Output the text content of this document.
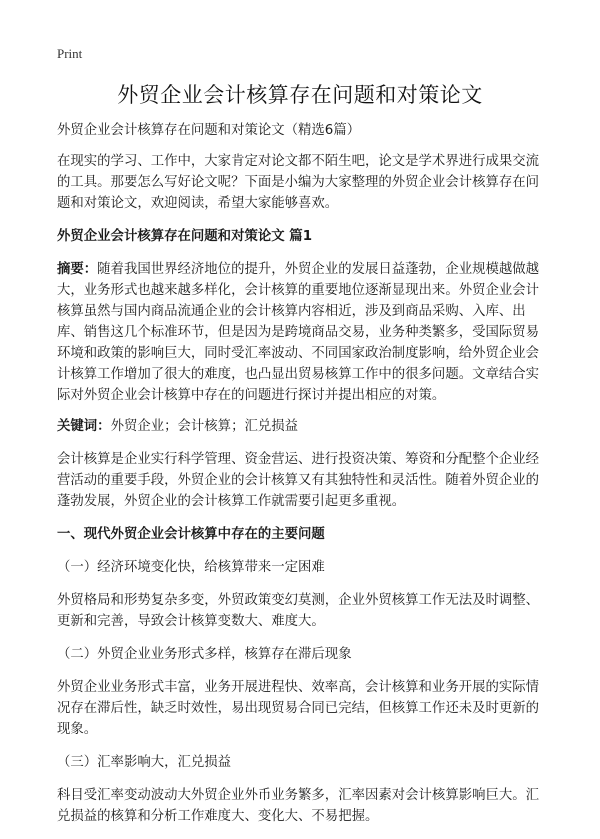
Print
外贸企业会计核算存在问题和对策论文

外贸企业会计核算存在问题和对策论文（精选6篇）

在现实的学习、工作中，大家肯定对论文都不陌生吧，论文是学术界进行成果交流的工具。那要怎么写好论文呢？下面是小编为大家整理的外贸企业会计核算存在问题和对策论文，欢迎阅读，希望大家能够喜欢。

外贸企业会计核算存在问题和对策论文 篇1

摘要：随着我国世界经济地位的提升，外贸企业的发展日益蓬勃，企业规模越做越大，业务形式也越来越多样化，会计核算的重要地位逐渐显现出来。外贸企业会计核算虽然与国内商品流通企业的会计核算内容相近，涉及到商品采购、入库、出库、销售这几个标准环节，但是因为是跨境商品交易，业务种类繁多，受国际贸易环境和政策的影响巨大，同时受汇率波动、不同国家政治制度影响，给外贸企业会计核算工作增加了很大的难度，也凸显出贸易核算工作中的很多问题。文章结合实际对外贸企业会计核算中存在的问题进行探讨并提出相应的对策。

关键词：外贸企业；会计核算；汇兑损益

会计核算是企业实行科学管理、资金营运、进行投资决策、筹资和分配整个企业经营活动的重要手段，外贸企业的会计核算又有其独特性和灵活性。随着外贸企业的蓬勃发展，外贸企业的会计核算工作就需要引起更多重视。

一、现代外贸企业会计核算中存在的主要问题

（一）经济环境变化快，给核算带来一定困难

外贸格局和形势复杂多变，外贸政策变幻莫测，企业外贸核算工作无法及时调整、更新和完善，导致会计核算变数大、难度大。

（二）外贸企业业务形式多样，核算存在滞后现象

外贸企业业务形式丰富，业务开展进程快、效率高，会计核算和业务开展的实际情况存在滞后性，缺乏时效性，易出现贸易合同已完结，但核算工作还未及时更新的现象。

（三）汇率影响大，汇兑损益

科目受汇率变动波动大外贸企业外币业务繁多，汇率因素对会计核算影响巨大。汇兑损益的核算和分析工作难度大、变化大、不易把握。
